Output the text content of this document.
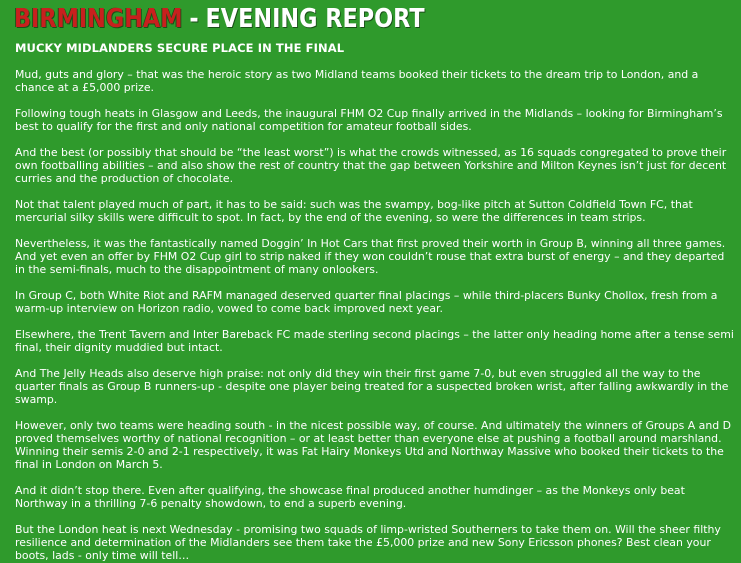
BIRMINGHAM - EVENING REPORT
MUCKY MIDLANDERS SECURE PLACE IN THE FINAL

Mud, guts and glory – that was the heroic story as two Midland teams booked their tickets to the dream trip to London, and a chance at a £5,000 prize.

Following tough heats in Glasgow and Leeds, the inaugural FHM O2 Cup finally arrived in the Midlands – looking for Birmingham’s best to qualify for the first and only national competition for amateur football sides.

And the best (or possibly that should be “the least worst”) is what the crowds witnessed, as 16 squads congregated to prove their own footballing abilities – and also show the rest of country that the gap between Yorkshire and Milton Keynes isn’t just for decent curries and the production of chocolate.

Not that talent played much of part, it has to be said: such was the swampy, bog-like pitch at Sutton Coldfield Town FC, that mercurial silky skills were difficult to spot. In fact, by the end of the evening, so were the differences in team strips.

Nevertheless, it was the fantastically named Doggin’ In Hot Cars that first proved their worth in Group B, winning all three games. And yet even an offer by FHM O2 Cup girl to strip naked if they won couldn’t rouse that extra burst of energy – and they departed in the semi-finals, much to the disappointment of many onlookers.

In Group C, both White Riot and RAFM managed deserved quarter final placings – while third-placers Bunky Chollox, fresh from a warm-up interview on Horizon radio, vowed to come back improved next year.

Elsewhere, the Trent Tavern and Inter Bareback FC made sterling second placings – the latter only heading home after a tense semi final, their dignity muddied but intact.

And The Jelly Heads also deserve high praise: not only did they win their first game 7-0, but even struggled all the way to the quarter finals as Group B runners-up - despite one player being treated for a suspected broken wrist, after falling awkwardly in the swamp.

However, only two teams were heading south - in the nicest possible way, of course. And ultimately the winners of Groups A and D proved themselves worthy of national recognition – or at least better than everyone else at pushing a football around marshland. Winning their semis 2-0 and 2-1 respectively, it was Fat Hairy Monkeys Utd and Northway Massive who booked their tickets to the final in London on March 5.

And it didn’t stop there. Even after qualifying, the showcase final produced another humdinger – as the Monkeys only beat Northway in a thrilling 7-6 penalty showdown, to end a superb evening.

But the London heat is next Wednesday - promising two squads of limp-wristed Southerners to take them on. Will the sheer filthy resilience and determination of the Midlanders see them take the £5,000 prize and new Sony Ericsson phones? Best clean your boots, lads - only time will tell…
